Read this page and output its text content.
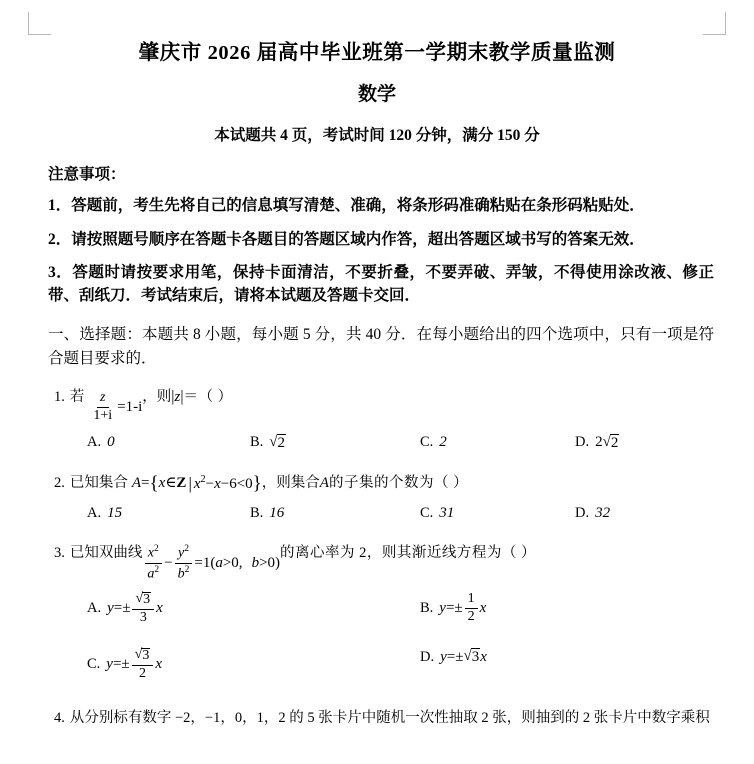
肇庆市 2026 届高中毕业班第一学期末教学质量监测
数学
本试题共 4 页，考试时间 120 分钟，满分 150 分
注意事项：
1．答题前，考生先将自己的信息填写清楚、准确，将条形码准确粘贴在条形码粘贴处．
2．请按照题号顺序在答题卡各题目的答题区域内作答，超出答题区域书写的答案无效．
3．答题时请按要求用笔，保持卡面清洁，不要折叠，不要弄破、弄皱，不得使用涂改液、修正带、刮纸刀．考试结束后，请将本试题及答题卡交回．
一、选择题：本题共 8 小题，每小题 5 分，共 40 分．在每小题给出的四个选项中，只有一项是符合题目要求的．
1. 若 $\frac{z}{1+i} =1-i$
，则 | z | ＝（ ）
A. 0	B. √ 2	C. 2	D. 2 √ 2
2. 已知集合 A = { x ∈ Z | $x^2-x-6<0$ } ，则集合 A 的子集的个数为（ ）
A. 15	B. 16	C. 31	D. 32
3. 已知双曲线 $\frac{x^2}{a^2} - \frac{y^2}{b^2} =1(a>0$, b>0)
的离心率为 2，则其渐近线方程为（ ）
A. $y =\pm \frac{√ 3}{3}$ x	B. $y =\pm \frac{1}{2}$ x
C. $y =\pm \frac{√ 3}{2}$ x	D. y =± √ 3 x
4. 从分别标有数字 −2，−1，0，1，2 的 5 张卡片中随机一次性抽取 2 张，则抽到的 2 张卡片中数字乘积
